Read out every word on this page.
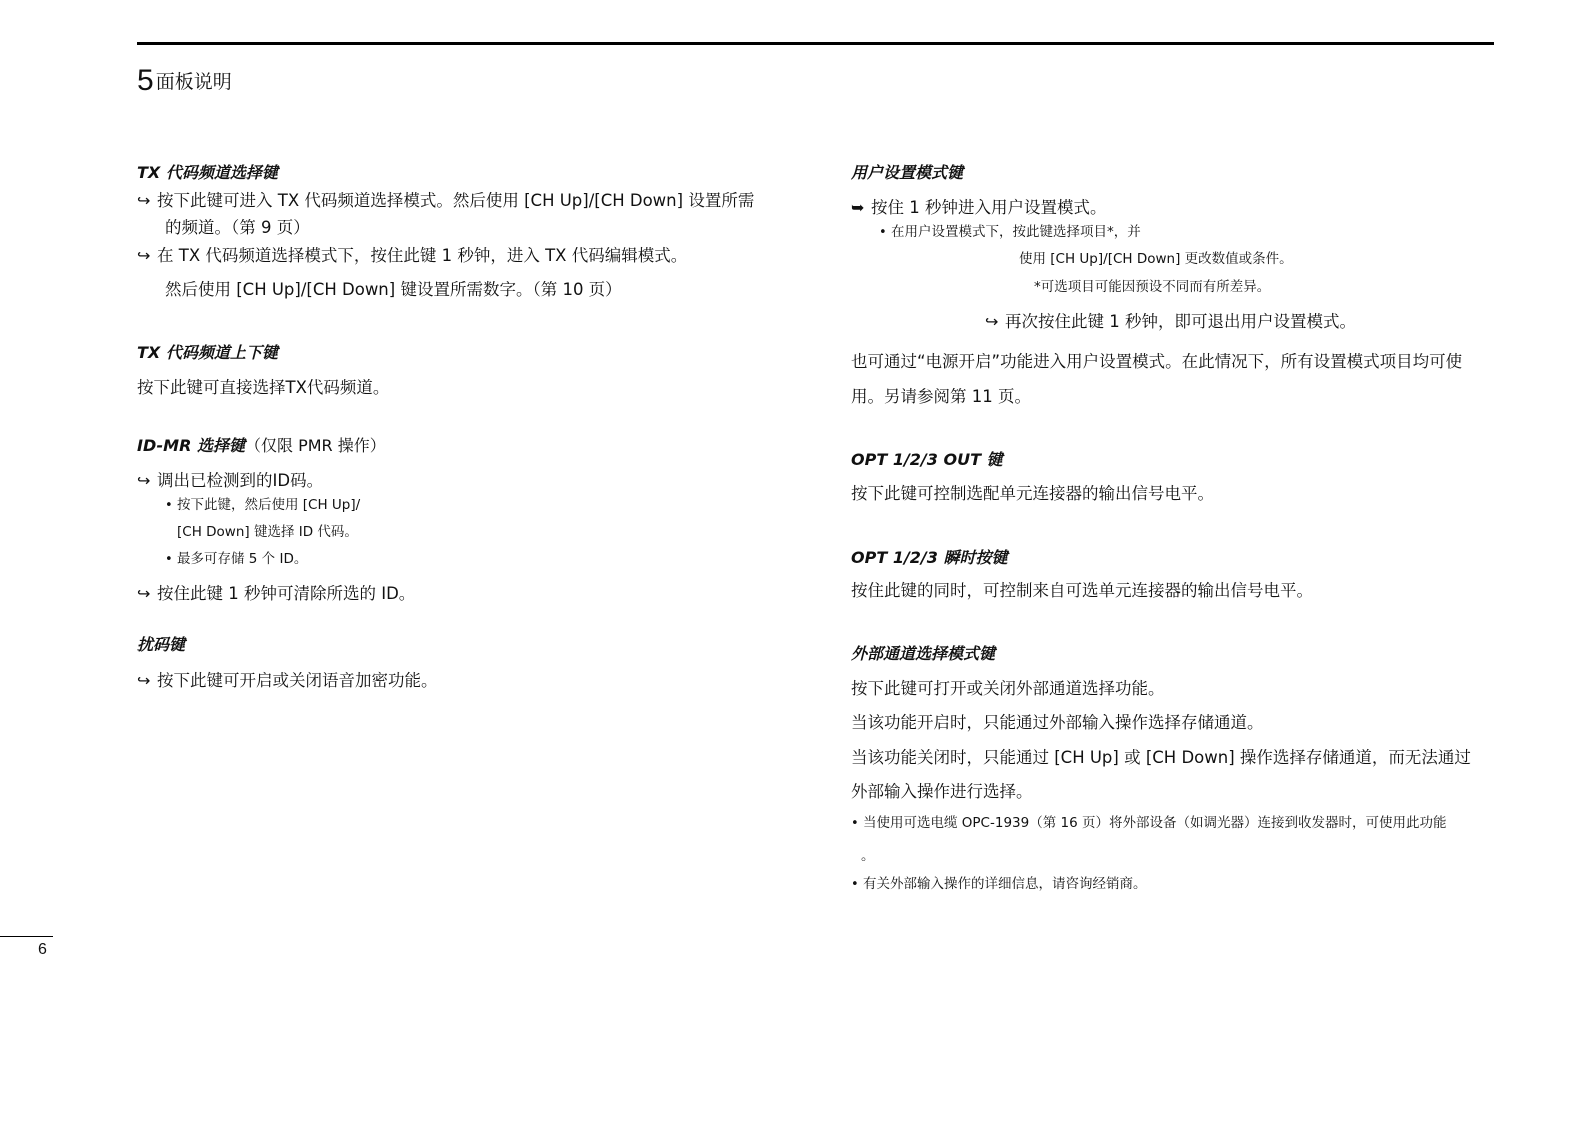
5 面板说明
TX 代码频道选择键
↪ 按下此键可进入 TX 代码频道选择模式。然后使用 [CH Up]/[CH Down] 设置所需
的频道。（第 9 页）
↪ 在 TX 代码频道选择模式下，按住此键 1 秒钟，进入 TX 代码编辑模式。
然后使用 [CH Up]/[CH Down] 键设置所需数字。（第 10 页）
TX 代码频道上下键
按下此键可直接选择TX代码频道。
ID-MR 选择键（仅限 PMR 操作）
↪ 调出已检测到的ID码。
• 按下此键，然后使用 [CH Up]/
[CH Down] 键选择 ID 代码。
• 最多可存储 5 个 ID。
↪ 按住此键 1 秒钟可清除所选的 ID。
扰码键
↪ 按下此键可开启或关闭语音加密功能。
用户设置模式键
➥ 按住 1 秒钟进入用户设置模式。
• 在用户设置模式下，按此键选择项目*，并
使用 [CH Up]/[CH Down] 更改数值或条件。
*可选项目可能因预设不同而有所差异。
↪ 再次按住此键 1 秒钟，即可退出用户设置模式。
也可通过“电源开启”功能进入用户设置模式。在此情况下，所有设置模式项目均可使
用。另请参阅第 11 页。
OPT 1/2/3 OUT 键
按下此键可控制选配单元连接器的输出信号电平。
OPT 1/2/3 瞬时按键
按住此键的同时，可控制来自可选单元连接器的输出信号电平。
外部通道选择模式键
按下此键可打开或关闭外部通道选择功能。
当该功能开启时，只能通过外部输入操作选择存储通道。
当该功能关闭时，只能通过 [CH Up] 或 [CH Down] 操作选择存储通道，而无法通过
外部输入操作进行选择。
• 当使用可选电缆 OPC-1939（第 16 页）将外部设备（如调光器）连接到收发器时，可使用此功能
。
• 有关外部输入操作的详细信息，请咨询经销商。
6
